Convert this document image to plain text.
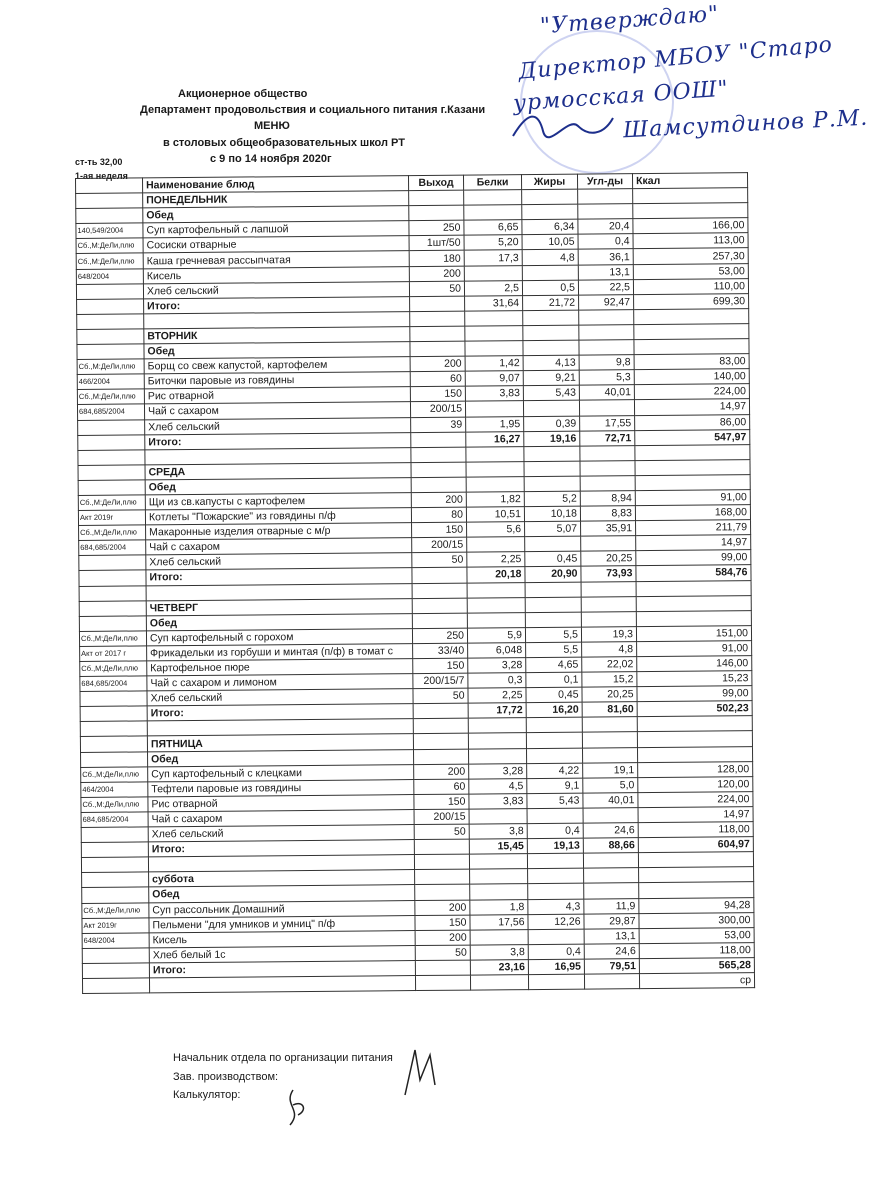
Акционерное общество
Департамент продовольствия и социального питания г.Казани
МЕНЮ
в столовых общеобразовательных школ РТ
с 9 по 14 ноября 2020г
ст-ть 32,00
1-ая неделя
"Утверждаю"
Директор МБОУ "Старо
урмосская ООШ"
Шамсутдинов Р.М.
	Наименование блюд	Выход	Белки	Жиры	Угл-ды	Ккал
	ПОНЕДЕЛЬНИК					
	Обед					
140,549/2004	Суп картофельный с лапшой	250	6,65	6,34	20,4	166,00
Сб.,М:ДеЛи,плю	Сосиски отварные	1шт/50	5,20	10,05	0,4	113,00
Сб.,М:ДеЛи,плю	Каша гречневая рассыпчатая	180	17,3	4,8	36,1	257,30
648/2004	Кисель	200			13,1	53,00
	Хлеб сельский	50	2,5	0,5	22,5	110,00
	Итого:		31,64	21,72	92,47	699,30

	ВТОРНИК					
	Обед					
Сб.,М:ДеЛи,плю	Борщ со свеж капустой, картофелем	200	1,42	4,13	9,8	83,00
466/2004	Биточки паровые из говядины	60	9,07	9,21	5,3	140,00
Сб.,М:ДеЛи,плю	Рис отварной	150	3,83	5,43	40,01	224,00
684,685/2004	Чай с сахаром	200/15				14,97
	Хлеб сельский	39	1,95	0,39	17,55	86,00
	Итого:		16,27	19,16	72,71	547,97

	СРЕДА					
	Обед					
Сб.,М:ДеЛи,плю	Щи из св.капусты с картофелем	200	1,82	5,2	8,94	91,00
Акт 2019г	Котлеты "Пожарские" из говядины п/ф	80	10,51	10,18	8,83	168,00
Сб.,М:ДеЛи,плю	Макаронные изделия отварные с м/р	150	5,6	5,07	35,91	211,79
684,685/2004	Чай с сахаром	200/15				14,97
	Хлеб сельский	50	2,25	0,45	20,25	99,00
	Итого:		20,18	20,90	73,93	584,76

	ЧЕТВЕРГ					
	Обед					
Сб.,М:ДеЛи,плю	Суп картофельный с горохом	250	5,9	5,5	19,3	151,00
Акт от 2017 г	Фрикадельки из горбуши и минтая (п/ф) в томат с	33/40	6,048	5,5	4,8	91,00
Сб.,М:ДеЛи,плю	Картофельное пюре	150	3,28	4,65	22,02	146,00
684,685/2004	Чай с сахаром и лимоном	200/15/7	0,3	0,1	15,2	15,23
	Хлеб сельский	50	2,25	0,45	20,25	99,00
	Итого:		17,72	16,20	81,60	502,23

	ПЯТНИЦА					
	Обед					
Сб.,М:ДеЛи,плю	Суп картофельный с клецками	200	3,28	4,22	19,1	128,00
464/2004	Тефтели паровые из говядины	60	4,5	9,1	5,0	120,00
Сб.,М:ДеЛи,плю	Рис отварной	150	3,83	5,43	40,01	224,00
684,685/2004	Чай с сахаром	200/15				14,97
	Хлеб сельский	50	3,8	0,4	24,6	118,00
	Итого:		15,45	19,13	88,66	604,97

	суббота					
	Обед					
Сб.,М:ДеЛи,плю	Суп рассольник Домашний	200	1,8	4,3	11,9	94,28
Акт 2019г	Пельмени "для умников и умниц" п/ф	150	17,56	12,26	29,87	300,00
648/2004	Кисель	200			13,1	53,00
	Хлеб белый 1с	50	3,8	0,4	24,6	118,00
	Итого:		23,16	16,95	79,51	565,28
						ср
Начальник отдела по организации питания
Зав. производством:
Калькулятор:
